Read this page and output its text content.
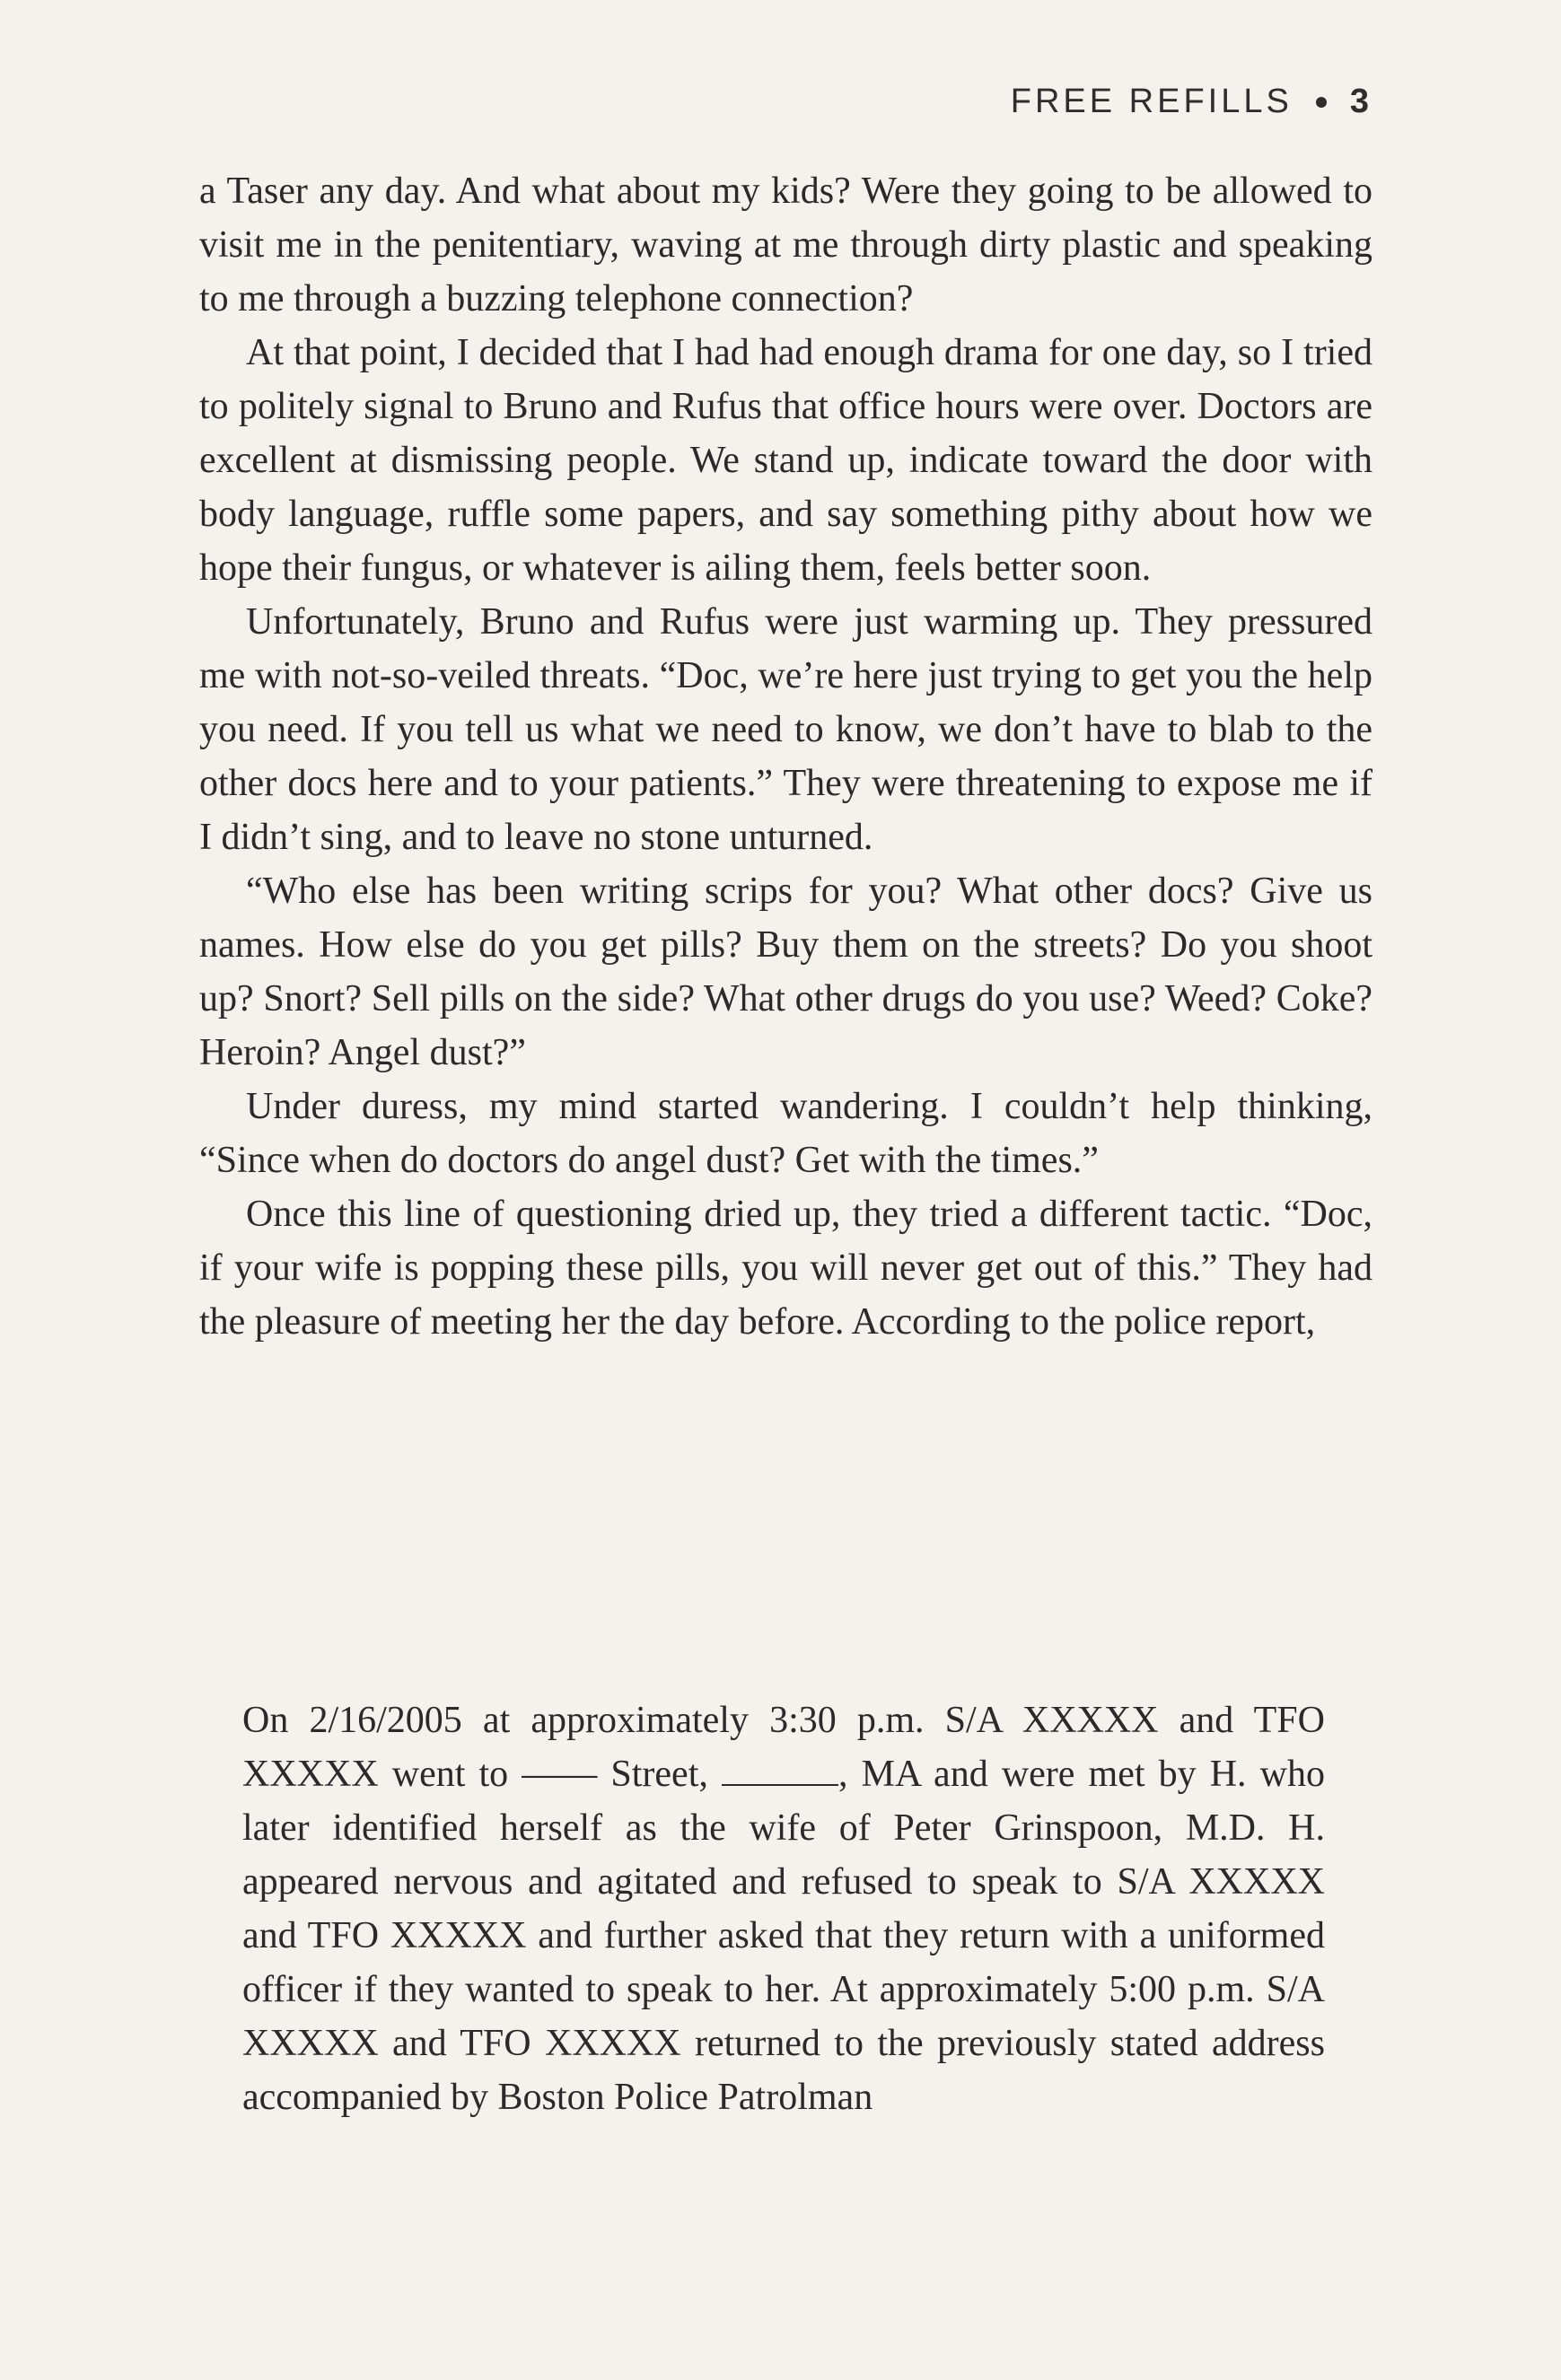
FREE REFILLS 3

a Taser any day. And what about my kids? Were they going to be allowed to visit me in the penitentiary, waving at me through dirty plastic and speaking to me through a buzzing telephone connection?

At that point, I decided that I had had enough drama for one day, so I tried to politely signal to Bruno and Rufus that office hours were over. Doctors are excellent at dismissing people. We stand up, indicate toward the door with body language, ruffle some papers, and say something pithy about how we hope their fungus, or whatever is ailing them, feels better soon.

Unfortunately, Bruno and Rufus were just warming up. They pressured me with not-so-veiled threats. “Doc, we’re here just trying to get you the help you need. If you tell us what we need to know, we don’t have to blab to the other docs here and to your patients.” They were threatening to expose me if I didn’t sing, and to leave no stone unturned.

“Who else has been writing scrips for you? What other docs? Give us names. How else do you get pills? Buy them on the streets? Do you shoot up? Snort? Sell pills on the side? What other drugs do you use? Weed? Coke? Heroin? Angel dust?”

Under duress, my mind started wandering. I couldn’t help thinking, “Since when do doctors do angel dust? Get with the times.”

Once this line of questioning dried up, they tried a different tactic. “Doc, if your wife is popping these pills, you will never get out of this.” They had the pleasure of meeting her the day before. According to the police report,

On 2/16/2005 at approximately 3:30 p.m. S/A XXXXX and TFO XXXXX went to —— Street,	, MA and were met by H. who later identified herself as the wife of Peter Grinspoon, M.D. H. appeared nervous and agitated and refused to speak to S/A XXXXX and TFO XXXXX and further asked that they return with a uniformed officer if they wanted to speak to her. At approximately 5:00 p.m. S/A XXXXX and TFO XXXXX returned to the previously stated address accompanied by Boston Police Patrolman
